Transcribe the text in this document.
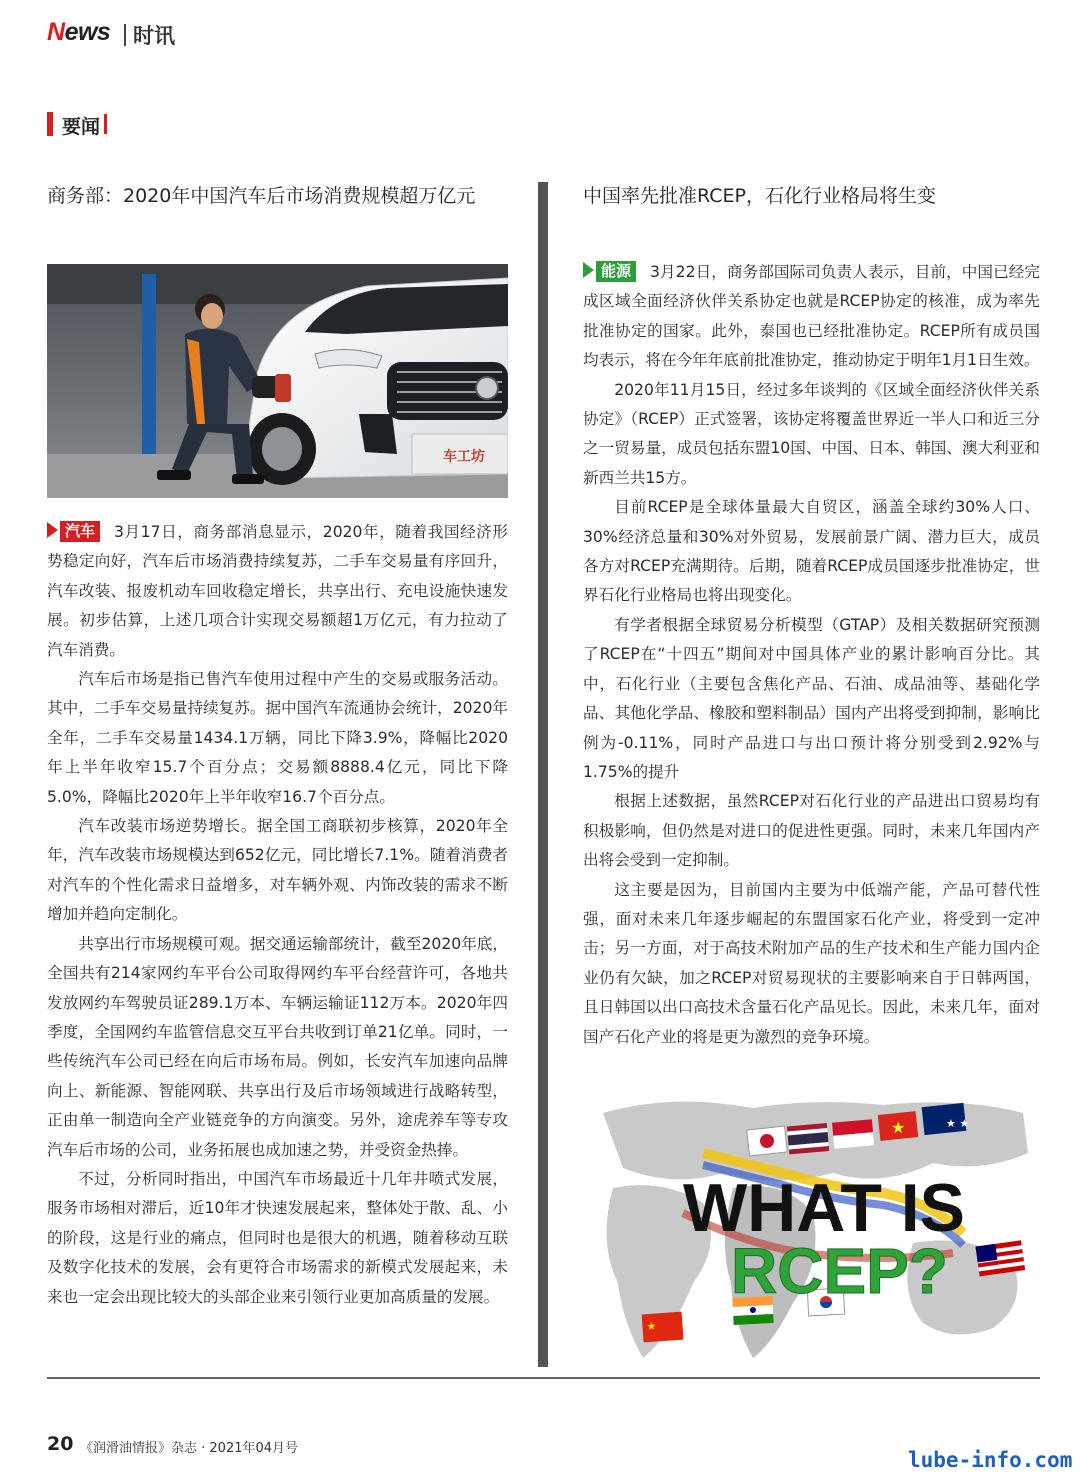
News 时讯
要闻
商务部：2020年中国汽车后市场消费规模超万亿元	中国率先批准RCEP，石化行业格局将生变
车工坊

汽车 3月17日，商务部消息显示，2020年，随着我国经济形势稳定向好，汽车后市场消费持续复苏，二手车交易量有序回升，汽车改装、报废机动车回收稳定增长，共享出行、充电设施快速发展。初步估算，上述几项合计实现交易额超1万亿元，有力拉动了汽车消费。

汽车后市场是指已售汽车使用过程中产生的交易或服务活动。其中，二手车交易量持续复苏。据中国汽车流通协会统计，2020年全年，二手车交易量1434.1万辆，同比下降3.9%，降幅比2020年上半年收窄15.7个百分点；交易额8888.4亿元，同比下降5.0%，降幅比2020年上半年收窄16.7个百分点。

汽车改装市场逆势增长。据全国工商联初步核算，2020年全年，汽车改装市场规模达到652亿元，同比增长7.1%。随着消费者对汽车的个性化需求日益增多，对车辆外观、内饰改装的需求不断增加并趋向定制化。

共享出行市场规模可观。据交通运输部统计，截至2020年底，全国共有214家网约车平台公司取得网约车平台经营许可，各地共发放网约车驾驶员证289.1万本、车辆运输证112万本。2020年四季度，全国网约车监管信息交互平台共收到订单21亿单。同时，一些传统汽车公司已经在向后市场布局。例如，长安汽车加速向品牌向上、新能源、智能网联、共享出行及后市场领域进行战略转型，正由单一制造向全产业链竞争的方向演变。另外，途虎养车等专攻汽车后市场的公司，业务拓展也成加速之势，并受资金热捧。

不过，分析同时指出，中国汽车市场最近十几年井喷式发展，服务市场相对滞后，近10年才快速发展起来，整体处于散、乱、小的阶段，这是行业的痛点，但同时也是很大的机遇，随着移动互联及数字化技术的发展，会有更符合市场需求的新模式发展起来，未来也一定会出现比较大的头部企业来引领行业更加高质量的发展。

能源 3月22日，商务部国际司负责人表示，目前，中国已经完成区域全面经济伙伴关系协定也就是RCEP协定的核准，成为率先批准协定的国家。此外，泰国也已经批准协定。RCEP所有成员国均表示，将在今年年底前批准协定，推动协定于明年1月1日生效。

2020年11月15日，经过多年谈判的《区域全面经济伙伴关系协定》（RCEP）正式签署，该协定将覆盖世界近一半人口和近三分之一贸易量，成员包括东盟10国、中国、日本、韩国、澳大利亚和新西兰共15方。

目前RCEP是全球体量最大自贸区，涵盖全球约30%人口、30%经济总量和30%对外贸易，发展前景广阔、潜力巨大，成员各方对RCEP充满期待。后期，随着RCEP成员国逐步批准协定，世界石化行业格局也将出现变化。

有学者根据全球贸易分析模型（GTAP）及相关数据研究预测了RCEP在“十四五”期间对中国具体产业的累计影响百分比。其中，石化行业（主要包含焦化产品、石油、成品油等、基础化学品、其他化学品、橡胶和塑料制品）国内产出将受到抑制，影响比例为-0.11%，同时产品进口与出口预计将分别受到2.92%与1.75%的提升

根据上述数据，虽然RCEP对石化行业的产品进出口贸易均有积极影响，但仍然是对进口的促进性更强。同时，未来几年国内产出将会受到一定抑制。

这主要是因为，目前国内主要为中低端产能，产品可替代性强，面对未来几年逐步崛起的东盟国家石化产业，将受到一定冲击；另一方面，对于高技术附加产品的生产技术和生产能力国内企业仍有欠缺，加之RCEP对贸易现状的主要影响来自于日韩两国，且日韩国以出口高技术含量石化产品见长。因此，未来几年，面对国产石化产业的将是更为激烈的竞争环境。

★	★ ★
★
WHAT IS
RCEP?
20 《润滑油情报》杂志 · 2021年04月号	lube-info.com
